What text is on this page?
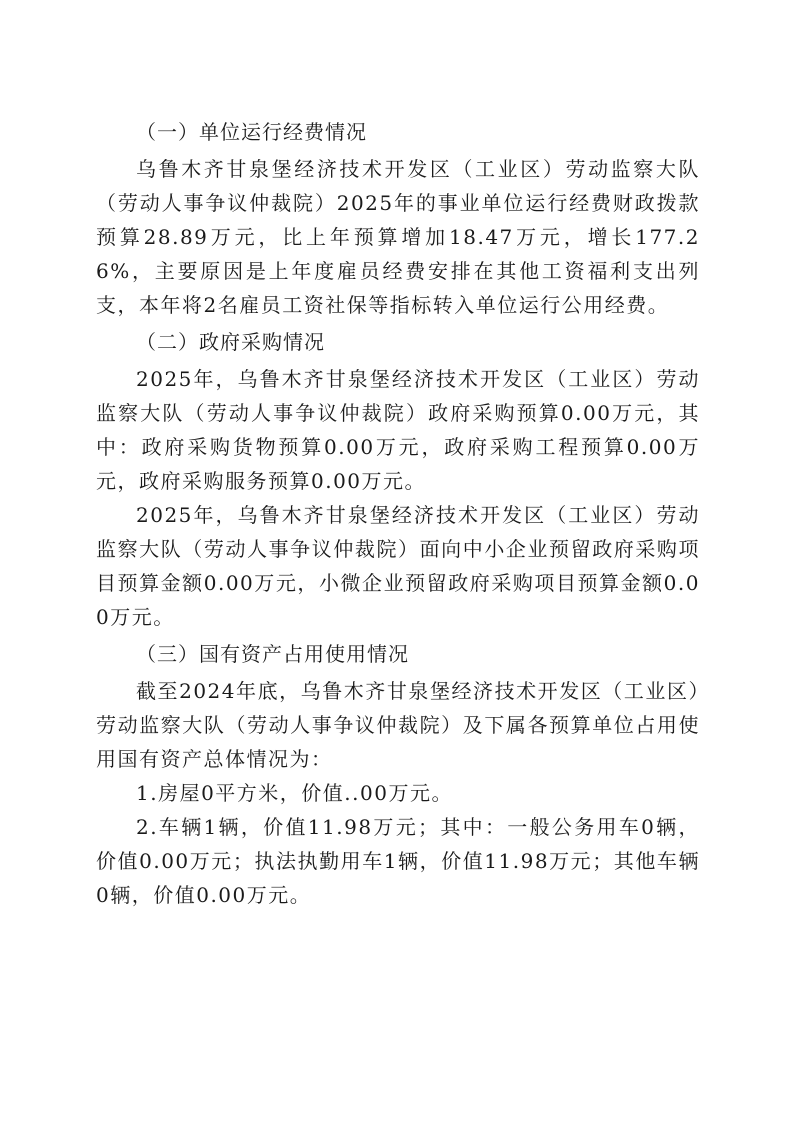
（一）单位运行经费情况

乌鲁木齐甘泉堡经济技术开发区（工业区）劳动监察大队（劳动人事争议仲裁院）2025年的事业单位运行经费财政拨款预算28.89万元，比上年预算增加18.47万元，增长177.26%，主要原因是上年度雇员经费安排在其他工资福利支出列支，本年将2名雇员工资社保等指标转入单位运行公用经费。

（二）政府采购情况

2025年，乌鲁木齐甘泉堡经济技术开发区（工业区）劳动监察大队（劳动人事争议仲裁院）政府采购预算0.00万元，其中：政府采购货物预算0.00万元，政府采购工程预算0.00万元，政府采购服务预算0.00万元。

2025年，乌鲁木齐甘泉堡经济技术开发区（工业区）劳动监察大队（劳动人事争议仲裁院）面向中小企业预留政府采购项目预算金额0.00万元，小微企业预留政府采购项目预算金额0.00万元。

（三）国有资产占用使用情况

截至2024年底，乌鲁木齐甘泉堡经济技术开发区（工业区）劳动监察大队（劳动人事争议仲裁院）及下属各预算单位占用使用国有资产总体情况为：

1.房屋0平方米，价值..00万元。

2.车辆1辆，价值11.98万元；其中：一般公务用车0辆，价值0.00万元；执法执勤用车1辆，价值11.98万元；其他车辆0辆，价值0.00万元。
